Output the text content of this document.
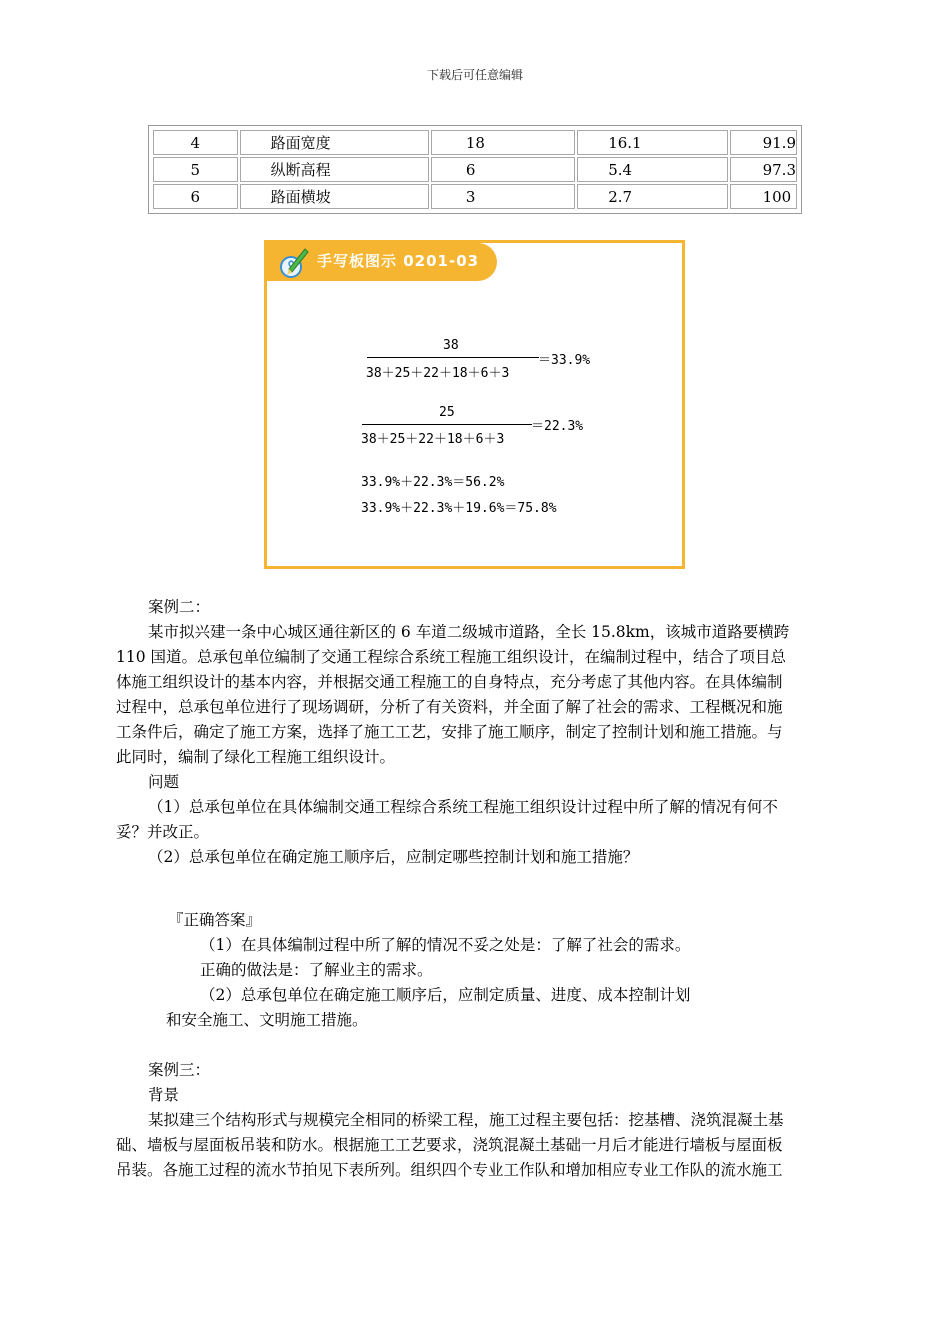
下载后可任意编辑
4	路面宽度	18	16.1	91.9
5	纵断高程	6	5.4	97.3
6	路面横坡	3	2.7	100
手写板图示 0201-03
38
38＋25＋22＋18＋6＋3
＝33.9%
25
38＋25＋22＋18＋6＋3
＝22.3%
33.9%＋22.3%＝56.2%
33.9%＋22.3%＋19.6%＝75.8%
案例二：
某市拟兴建一条中心城区通往新区的 6 车道二级城市道路，全长 15.8km，该城市道路要横跨
110 国道。总承包单位编制了交通工程综合系统工程施工组织设计，在编制过程中，结合了项目总
体施工组织设计的基本内容，并根据交通工程施工的自身特点，充分考虑了其他内容。在具体编制
过程中，总承包单位进行了现场调研，分析了有关资料，并全面了解了社会的需求、工程概况和施
工条件后，确定了施工方案，选择了施工工艺，安排了施工顺序，制定了控制计划和施工措施。与
此同时，编制了绿化工程施工组织设计。
问题
（1）总承包单位在具体编制交通工程综合系统工程施工组织设计过程中所了解的情况有何不
妥？并改正。
（2）总承包单位在确定施工顺序后，应制定哪些控制计划和施工措施？
『正确答案』
（1）在具体编制过程中所了解的情况不妥之处是：了解了社会的需求。
正确的做法是：了解业主的需求。
（2）总承包单位在确定施工顺序后，应制定质量、进度、成本控制计划
和安全施工、文明施工措施。
案例三：
背景
某拟建三个结构形式与规模完全相同的桥梁工程，施工过程主要包括：挖基槽、浇筑混凝土基
础、墙板与屋面板吊装和防水。根据施工工艺要求，浇筑混凝土基础一月后才能进行墙板与屋面板
吊装。各施工过程的流水节拍见下表所列。组织四个专业工作队和增加相应专业工作队的流水施工
